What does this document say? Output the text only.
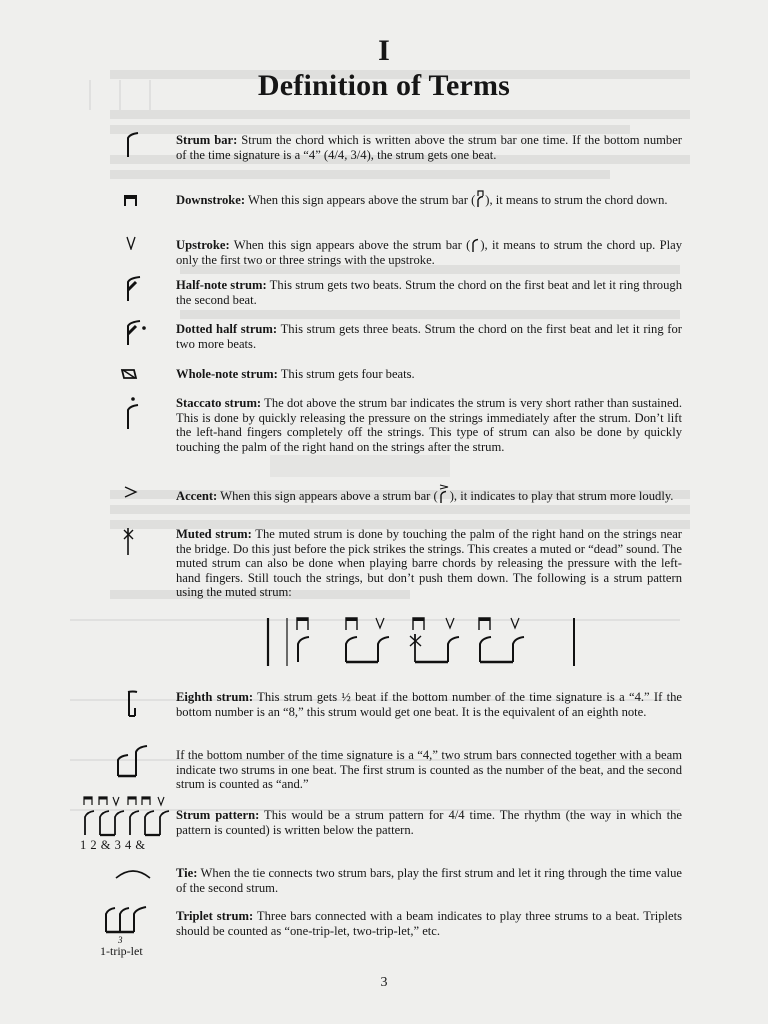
I
Definition of Terms
Strum bar: Strum the chord which is written above the strum bar one time. If the bottom number of the time signature is a “4” (4/4, 3/4), the strum gets one beat.
Downstroke: When this sign appears above the strum bar ( ), it means to strum the chord down.
Upstroke: When this sign appears above the strum bar ( ), it means to strum the chord up. Play only the first two or three strings with the upstroke.
Half-note strum: This strum gets two beats. Strum the chord on the first beat and let it ring through the second beat.
Dotted half strum: This strum gets three beats. Strum the chord on the first beat and let it ring for two more beats.
Whole-note strum: This strum gets four beats.
Staccato strum: The dot above the strum bar indicates the strum is very short rather than sustained. This is done by quickly releasing the pressure on the strings immediately after the strum. Don’t lift the left-hand fingers completely off the strings. This type of strum can also be done by quickly touching the palm of the right hand on the strings after the strum.
Accent: When this sign appears above a strum bar ( ), it indicates to play that strum more loudly.
Muted strum: The muted strum is done by touching the palm of the right hand on the strings near the bridge. Do this just before the pick strikes the strings. This creates a muted or “dead” sound. The muted strum can also be done when playing barre chords by releasing the pressure with the left-hand fingers. Still touch the strings, but don’t push them down. The following is a strum pattern using the muted strum:
Eighth strum: This strum gets ½ beat if the bottom number of the time signature is a “4.” If the bottom number is an “8,” this strum would get one beat. It is the equivalent of an eighth note.
If the bottom number of the time signature is a “4,” two strum bars connected together with a beam indicate two strums in one beat. The first strum is counted as the number of the beat, and the second strum is counted as “and.”
1 2 & 3 4 &
Strum pattern: This would be a strum pattern for 4/4 time. The rhythm (the way in which the pattern is counted) is written below the pattern.
Tie: When the tie connects two strum bars, play the first strum and let it ring through the time value of the second strum.
3
1-trip-let
Triplet strum: Three bars connected with a beam indicates to play three strums to a beat. Triplets should be counted as “one-trip-let, two-trip-let,” etc.
3
